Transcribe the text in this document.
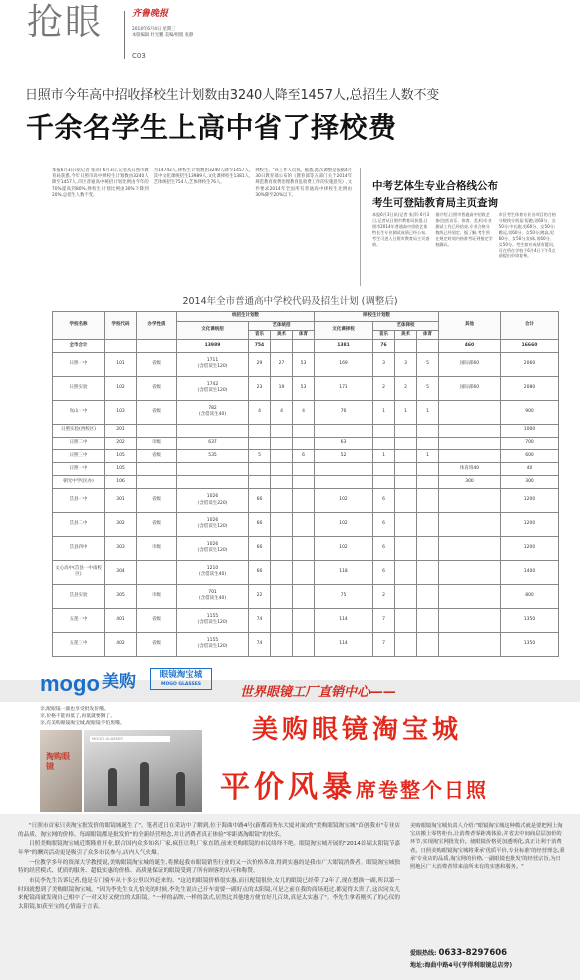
抢眼	齐鲁晚报
2014年6月4日 星期三
本版编辑 杜光鹏 美编/组版 张静
C03
日照市今年高中招收择校生计划数由3240人降至1457人,总招生人数不变
千余名学生上高中省了择校费
本报6月3日讯(记者 张萍) 6月3日,记者从日照市教育局获悉,今年日照市高中择校生计划数由3240人降至1457人,市区普通高中统招计划比例由今年的70%提高到80%,择校生计划比例由30%下降到20%,总招生人数不变。
为14743人,择校生计划数由3240人降至1457人,其中文化课统招生13989人,文化课择校生1381人,艺体统招生754人,艺体择校生76人。
择校生。"该工作人员说。据悉,此次调整是依据4月30日教育部公布的《教育部等五部门关于2014年规范教育收费治理教育乱收费工作的实施意见》,文件要求2014年全国所有普通高中择校生比例由30%降至20%以下。
中考艺体生专业合格线公布
考生可登陆教育局主页查询
本报6月3日讯(记者 张萍) 6月3日,记者从日照市教育局获悉,日照市2014年普通高中招收艺体特长生专业测试成绩已经公布,考生可进入日照市教育局主页查询。
据介绍,日照市普通高中招收艺体(包括音乐、体育、美术)专业测试工作已经结束,专业合格分数线已经划定。据了解,考生须在规定时间内持准考证到指定学校确认。
市区考生体育专业各项目的合格分数线分别是:短跑,男60分、女50分;中长跑,男60分、女50分;跳远,男60分、女50分;跳高,男60分、女50分;铅球,男60分、女50分。考生如对成绩有疑问,可在所在学校于6月4日下午5点前提出申请复核。
2014年全市普通高中学校代码及招生计划 (调整后)
学校名称	学校代码	办学性质	统招生计划数				择校生计划数				其他	合计
			文化课统招	艺体统招			文化课择校	艺体择校				
				音乐	美术	体育		音乐	美术	体育		
全市合计			13989	754			1381	76			460	16660
日照一中	101	省级	1711
(含借读生120)	29	27	53	169	3	3	5	国际部60	2060
日照实验	102	省级	1742
(含借读生120)	23	19	53	171	2	2	5	国际部60	2080
岚山一中	103	省级	782
(含借读生40)	4	4	4	76	1	1	1		900
日照实验(西校区)	201											1000
日照二中	202	市级	637				63					700
日照三中	105	省级	535	5		6	52	1		1		600
日照一中	105										体育班40	40
朝光中学(民办)	106										300	300
莒县一中	301	省级	1026
(含借读生220)	66			102	6				1200
莒县二中	302	省级	1026
(含借读生120)	66			102	6				1200
莒县四中	303	市级	1026
(含借读生120)	66			102	6				1200
文心高中(莒县一中南校区)	304		1210
(含借读生40)	66			118	6				1400
莒县实验	305	市级	701
(含借读生40)	22			75	2				800
五莲一中	401	省级	1155
(含借读生120)	74			114	7				1350
五莲三中	402	省级	1155
(含借读生120)	74			114	7				1350
mogo 美购	眼镜淘宝城
MOGO GLASSES
世界眼镜工厂直销中心——
亲,配眼镜一副也享受批发价哦。
亲,价格不能再低了,再低就要倒了。
亲,有美购眼镜淘宝城,配眼镜不怕黑哦。
淘购眼镜
MOGO GLASSES	美购眼镜淘宝城
平价风暴席卷整个日照

"日照市首家只卖淘宝批发价的眼镜城诞生了"。笔者近日在采访中了解到,位于海曲中路4号(新都商务东大厦对面)的"美购眼镜淘宝城"首创我市"专业店的品质、淘宝网的价格、每副眼镜都是批发价"的全新经营理念,并让消费者真正体验"零距离淘眼镜"的快乐。

日照美购眼镜淘宝城近期隆重开业,联合国内众多知名厂家,疯狂让利,厂家直销,前来美购眼镜的市民络绎不绝。眼镜淘宝城开展的"2014首届太阳镜节嘉年华"的酬宾活动更是吸引了众多市民参与,店内人气火爆。

一位教学多年的资深大学教授说,美购眼镜淘宝城的诞生,将掀起我市眼镜销售行业的又一次价格革命,得到实惠的是我市广大眼镜消费者。眼镜淘宝城独特的经营模式、优质的服务、超低实惠的价格、高质量保证的眼镜受到了所有顾客的认可和称赞。

市民李先生告诉记者,他是专门骑车从十多公里以外赶来的。"这边的眼镜价格很实惠,而且配镜很快,女儿的眼镜已经带了2年了,现在想换一副,所以第一时间就想到了美购眼镜淘宝城。"因为李先生女儿恰光的时候,李先生说自己开车需要一副好点的太阳镜,可是之前在我的商场逛过,都觉得太贵了,这次同女儿来配镜商就发现自己相中了一对又好又便宜的太阳镜。"一样的品牌,一样的款式,居然比其他地方便宜好几百块,真是太实惠了"。李先生拿着刚买了的心仪的太阳镜,如获至宝的心情溢于言表。

美购眼镜淘宝城负责人介绍:"眼镜淘宝城这种模式就是要把网上淘宝店搬上零售柜台,让消费者零距离体验,并省去中间商层层加价的环节,实现淘宝网批发价。使眼镜价格更加透明化,真正让利于消费者。日照美购眼镜淘宝城将秉承'优质平价,专业标准'的经营理念,秉承'专业店的品质,淘宝网的价格,一副眼镜也批发'的经营宗旨,为日照地区广大消费者带来前所未有的实惠和服务。"
爱眼热线: 0633-8297606
地址:海曲中路4号(亨得利眼镜总店旁)
